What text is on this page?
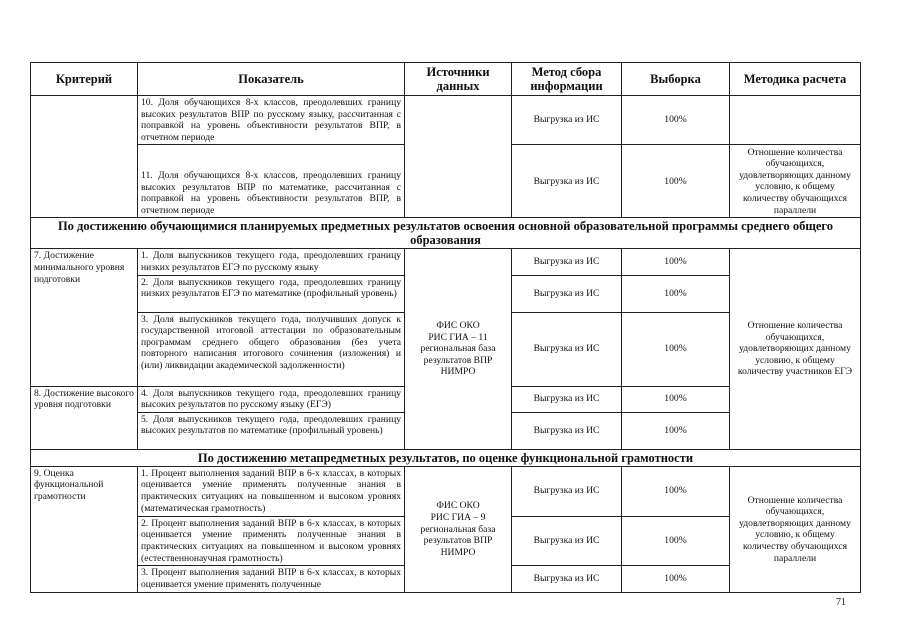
Критерий	Показатель	Источники данных	Метод сбора информации	Выборка	Методика расчета
	10. Доля обучающихся 8-х классов, преодолевших границу высоких результатов ВПР по русскому языку, рассчитанная с поправкой на уровень объективности результатов ВПР, в отчетном периоде		Выгрузка из ИС	100%	
	11. Доля обучающихся 8-х классов, преодолевших границу высоких результатов ВПР по математике, рассчитанная с поправкой на уровень объективности результатов ВПР, в отчетном периоде		Выгрузка из ИС	100%	Отношение количества обучающихся, удовлетворяющих данному условию, к общему количеству обучающихся параллели
По достижению обучающимися планируемых предметных результатов освоения основной образовательной программы среднего общего образования					
7. Достижение минимального уровня подготовки	1. Доля выпускников текущего года, преодолевших границу низких результатов ЕГЭ по русскому языку	ФИС ОКО
РИС ГИА – 11
региональная база результатов ВПР
НИМРО	Выгрузка из ИС	100%	Отношение количества обучающихся, удовлетворяющих данному условию, к общему количеству участников ЕГЭ
	2. Доля выпускников текущего года, преодолевших границу низких результатов ЕГЭ по математике (профильный уровень)		Выгрузка из ИС	100%	
	3. Доля выпускников текущего года, получивших допуск к государственной итоговой аттестации по образовательным программам среднего общего образования (без учета повторного написания итогового сочинения (изложения) и (или) ликвидации академической задолженности)		Выгрузка из ИС	100%	
8. Достижение высокого уровня подготовки	4. Доля выпускников текущего года, преодолевших границу высоких результатов по русскому языку (ЕГЭ)		Выгрузка из ИС	100%	
	5. Доля выпускников текущего года, преодолевших границу высоких результатов по математике (профильный уровень)		Выгрузка из ИС	100%	
По достижению метапредметных результатов, по оценке функциональной грамотности					
9. Оценка функциональной грамотности	1. Процент выполнения заданий ВПР в 6-х классах, в которых оценивается умение применять полученные знания в практических ситуациях на повышенном и высоком уровнях (математическая грамотность)	ФИС ОКО
РИС ГИА – 9
региональная база результатов ВПР
НИМРО	Выгрузка из ИС	100%	Отношение количества обучающихся, удовлетворяющих данному условию, к общему количеству обучающихся параллели
	2. Процент выполнения заданий ВПР в 6-х классах, в которых оценивается умение применять полученные знания в практических ситуациях на повышенном и высоком уровнях (естественнонаучная грамотность)		Выгрузка из ИС	100%	
	3. Процент выполнения заданий ВПР в 6-х классах, в которых оценивается умение применять полученные		Выгрузка из ИС	100%	
71
